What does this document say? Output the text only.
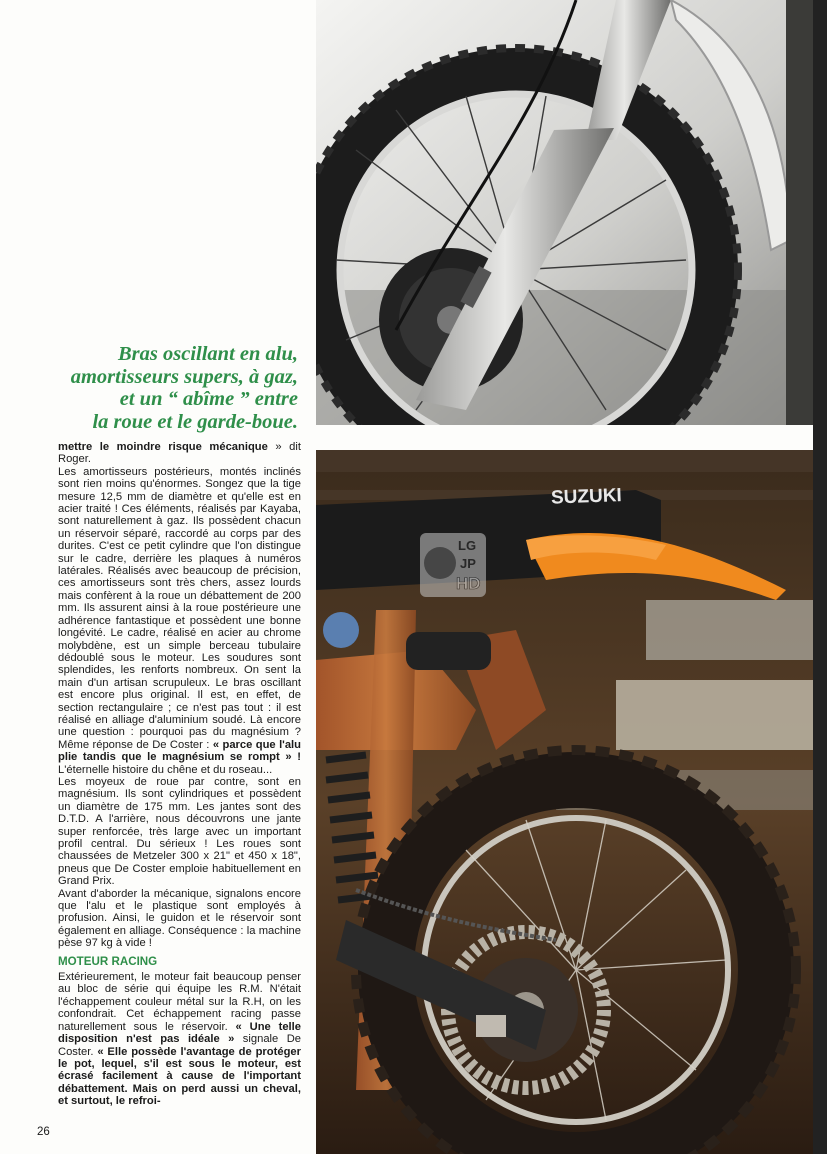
Bras oscillant en alu,
amortisseurs supers, à gaz,
et un “ abîme ” entre
la roue et le garde-boue.
SUZUKI
LG
JP
HD

mettre le moindre risque mécanique » dit Roger.

Les amortisseurs postérieurs, montés inclinés sont rien moins qu'énormes. Songez que la tige mesure 12,5 mm de diamètre et qu'elle est en acier traité ! Ces éléments, réalisés par Kayaba, sont naturellement à gaz. Ils possèdent chacun un réservoir séparé, raccordé au corps par des durites. C'est ce petit cylindre que l'on distingue sur le cadre, derrière les plaques à numéros latérales. Réalisés avec beaucoup de précision, ces amortisseurs sont très chers, assez lourds mais confèrent à la roue un débattement de 200 mm. Ils assurent ainsi à la roue postérieure une adhérence fantastique et possèdent une bonne longévité. Le cadre, réalisé en acier au chrome molybdène, est un simple berceau tubulaire dédoublé sous le moteur. Les soudures sont splendides, les renforts nombreux. On sent la main d'un artisan scrupuleux. Le bras oscillant est encore plus original. Il est, en effet, de section rectangulaire ; ce n'est pas tout : il est réalisé en alliage d'aluminium soudé. Là encore une question : pourquoi pas du magnésium ? Même réponse de De Coster : « parce que l'alu plie tandis que le magnésium se rompt » ! L'éternelle histoire du chêne et du roseau...

Les moyeux de roue par contre, sont en magnésium. Ils sont cylindriques et possèdent un diamètre de 175 mm. Les jantes sont des D.T.D. A l'arrière, nous découvrons une jante super renforcée, très large avec un important profil central. Du sérieux ! Les roues sont chaussées de Metzeler 300 x 21" et 450 x 18", pneus que De Coster emploie habituellement en Grand Prix.

Avant d'aborder la mécanique, signalons encore que l'alu et le plastique sont employés à profusion. Ainsi, le guidon et le réservoir sont également en alliage. Conséquence : la machine pèse 97 kg à vide !

MOTEUR RACING

Extérieurement, le moteur fait beaucoup penser au bloc de série qui équipe les R.M. N'était l'échappement couleur métal sur la R.H, on les confondrait. Cet échappement racing passe naturellement sous le réservoir. « Une telle disposition n'est pas idéale » signale De Coster. « Elle possède l'avantage de protéger le pot, lequel, s'il est sous le moteur, est écrasé facilement à cause de l'important débattement. Mais on perd aussi un cheval, et surtout, le refroi-

26
